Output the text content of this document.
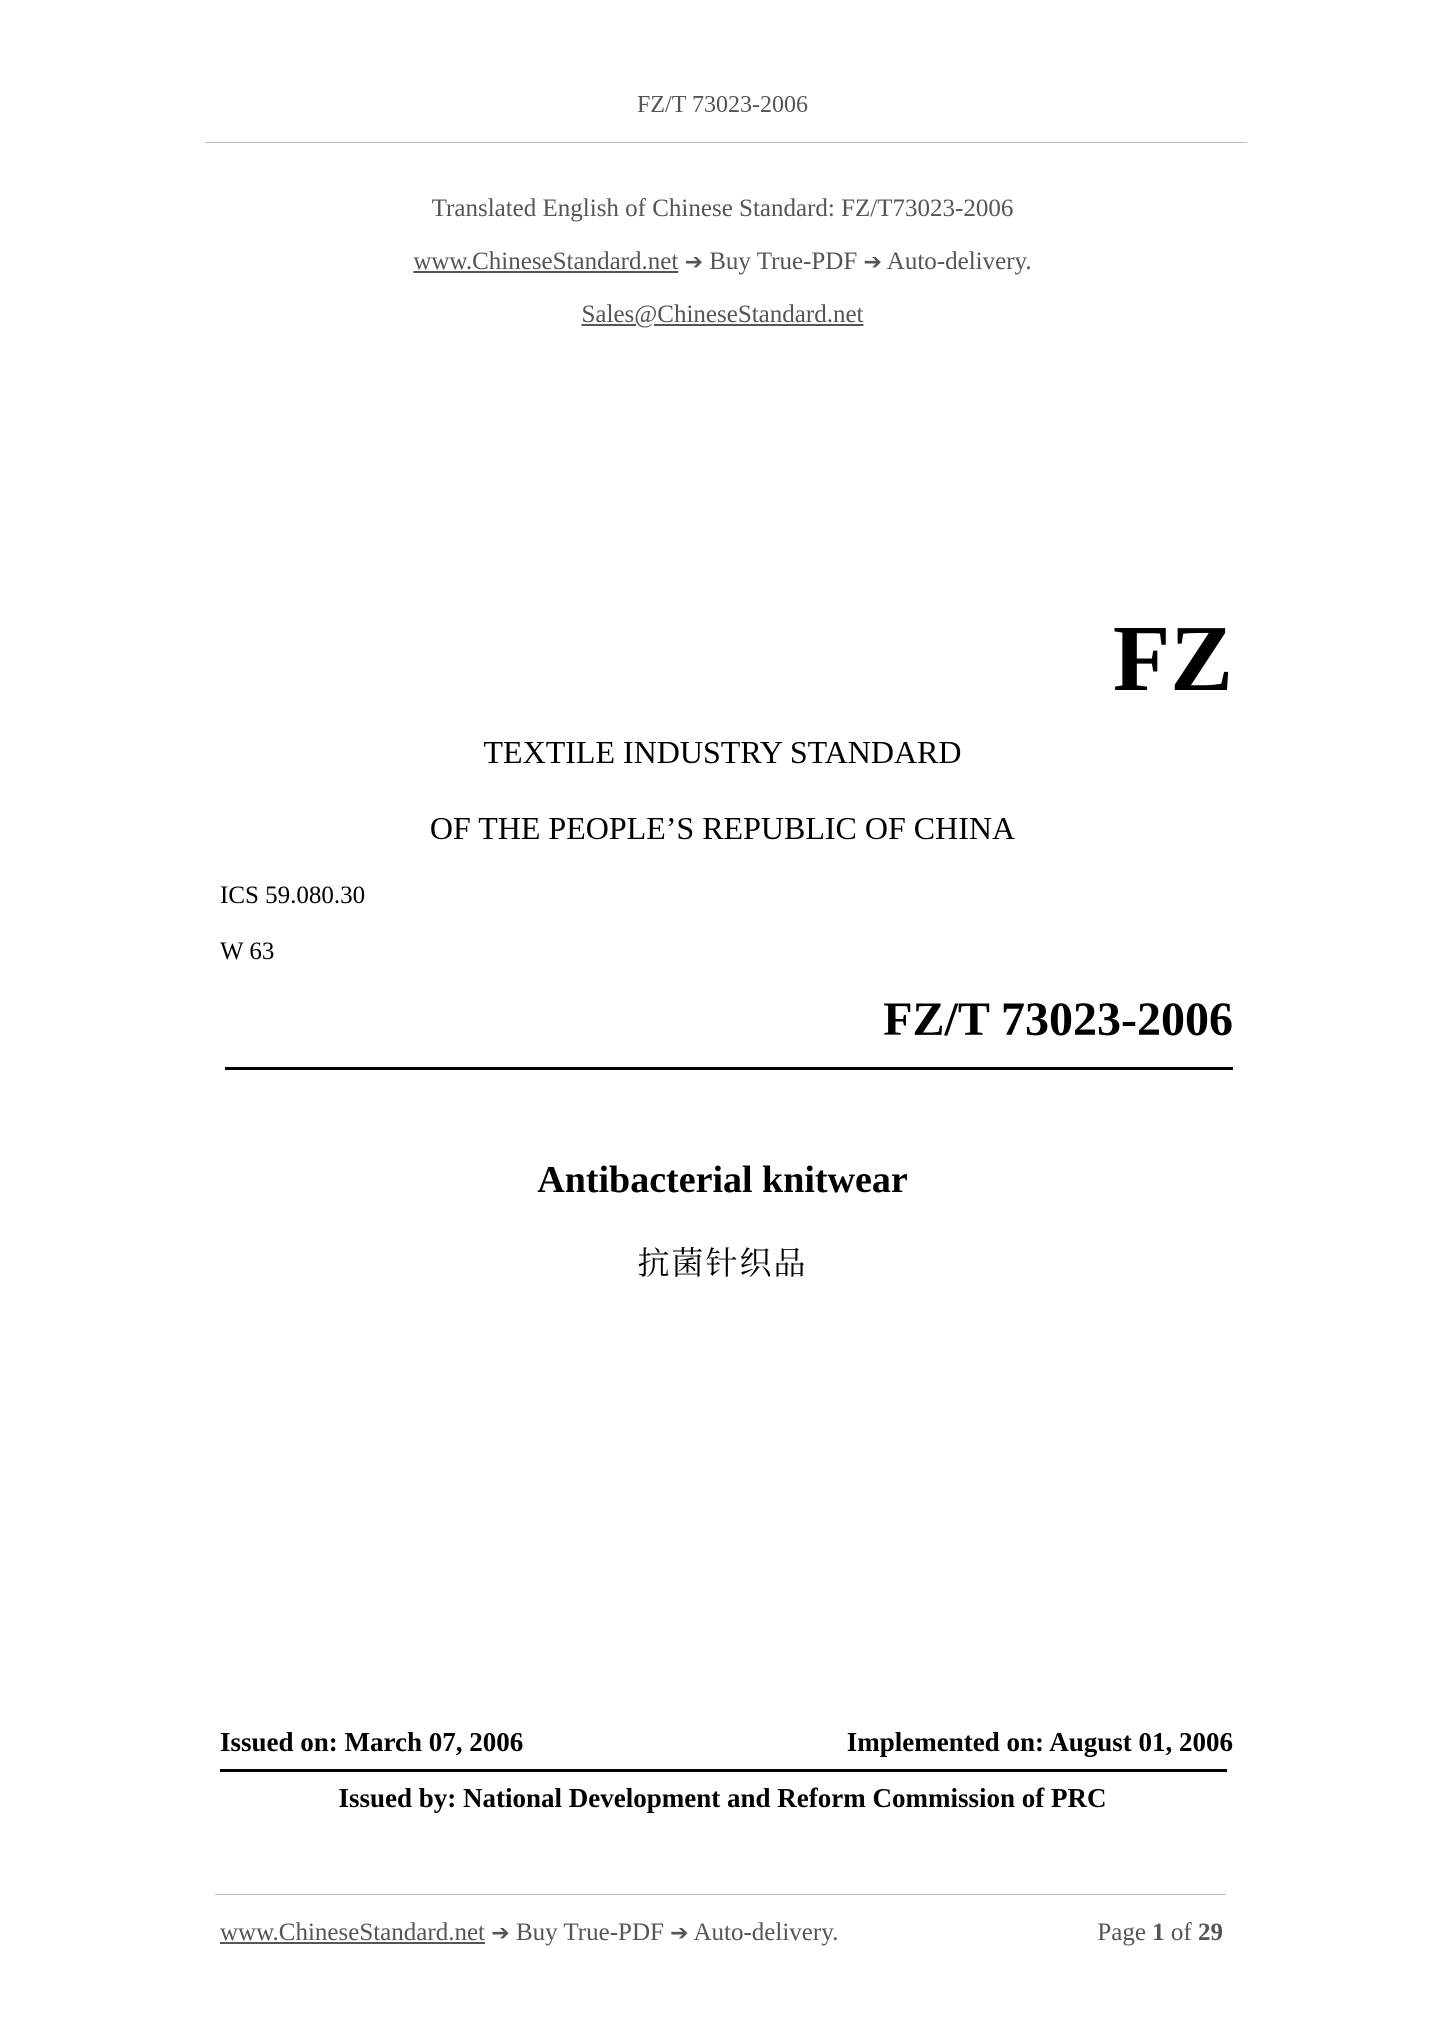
FZ/T 73023-2006
Translated English of Chinese Standard: FZ/T73023-2006
www.ChineseStandard.net ➔ Buy True-PDF ➔ Auto-delivery.
Sales@ChineseStandard.net
FZ
TEXTILE INDUSTRY STANDARD
OF THE PEOPLE’S REPUBLIC OF CHINA
ICS 59.080.30
W 63
FZ/T 73023-2006
Antibacterial knitwear
抗菌针织品
Issued on: March 07, 2006	Implemented on: August 01, 2006
Issued by: National Development and Reform Commission of PRC
www.ChineseStandard.net ➔ Buy True-PDF ➔ Auto-delivery.	Page 1 of 29
